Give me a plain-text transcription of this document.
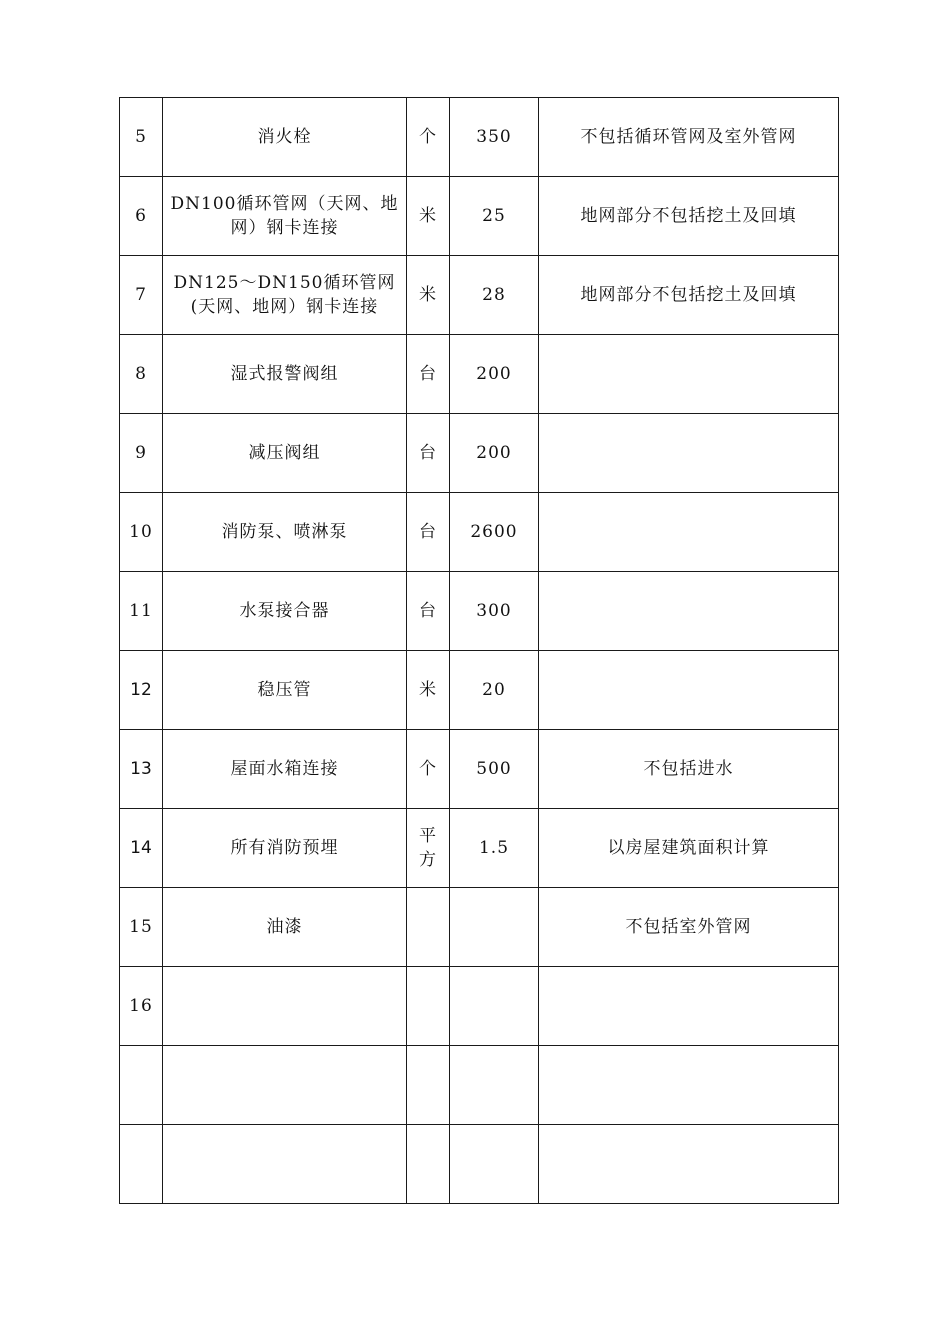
5	消火栓	个	350	不包括循环管网及室外管网
6	DN100循环管网（天网、地网）钢卡连接	米	25	地网部分不包括挖土及回填
7	DN125～DN150循环管网(天网、地网）钢卡连接	米	28	地网部分不包括挖土及回填
8	湿式报警阀组	台	200	
9	减压阀组	台	200	
10	消防泵、喷淋泵	台	2600	
11	水泵接合器	台	300	
12	稳压管	米	20	
13	屋面水箱连接	个	500	不包括进水
14	所有消防预埋	平方	1.5	以房屋建筑面积计算
15	油漆			不包括室外管网
16				
